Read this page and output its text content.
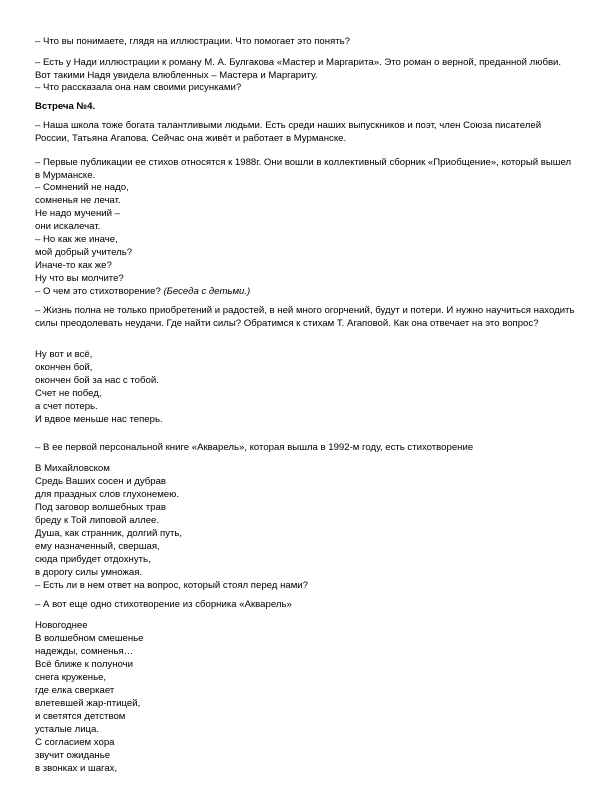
– Что вы понимаете, глядя на иллюстрации. Что помогает это понять?
– Есть у Нади иллюстрации к роману М. А. Булгакова «Мастер и Маргарита». Это роман о верной, преданной любви. Вот такими Надя увидела влюбленных – Мастера и Маргариту.
– Что рассказала она нам своими рисунками?
Встреча №4.
– Наша школа тоже богата талантливыми людьми. Есть среди наших выпускников и поэт, член Союза писателей России, Татьяна Агапова. Сейчас она живёт и работает в Мурманске.
– Первые публикации ее стихов относятся к 1988г. Они вошли в коллективный сборник «Приобщение», который вышел в Мурманске.
– Сомнений не надо,
сомненья не лечат.
Не надо мучений –
они искалечат.
– Но как же иначе,
мой добрый учитель?
Иначе-то как же?
Ну что вы молчите?
– О чем это стихотворение? (Беседа с детьми.)
– Жизнь полна не только приобретений и радостей, в ней много огорчений, будут и потери. И нужно научиться находить силы преодолевать неудачи. Где найти силы? Обратимся к стихам Т. Агаповой. Как она отвечает на это вопрос?
Ну вот и всё,
окончен бой,
окончен бой за нас с тобой.
Счет не побед,
а счет потерь.
И вдвое меньше нас теперь.
– В ее первой персональной книге «Акварель», которая вышла в 1992-м году, есть стихотворение
В Михайловском
Средь Ваших сосен и дубрав
для праздных слов глухонемею.
Под заговор волшебных трав
бреду к Той липовой аллее.
Душа, как странник, долгий путь,
ему назначенный, свершая,
сюда прибудет отдохнуть,
в дорогу силы умножая.
– Есть ли в нем ответ на вопрос, который стоял перед нами?
– А вот еще одно стихотворение из сборника «Акварель»
Новогоднее
В волшебном смешенье
надежды, сомненья…
Всё ближе к полуночи
снега круженье,
где елка сверкает
влетевшей жар-птицей,
и светятся детством
усталые лица.
С согласием хора
звучит ожиданье
в звонках и шагах,
